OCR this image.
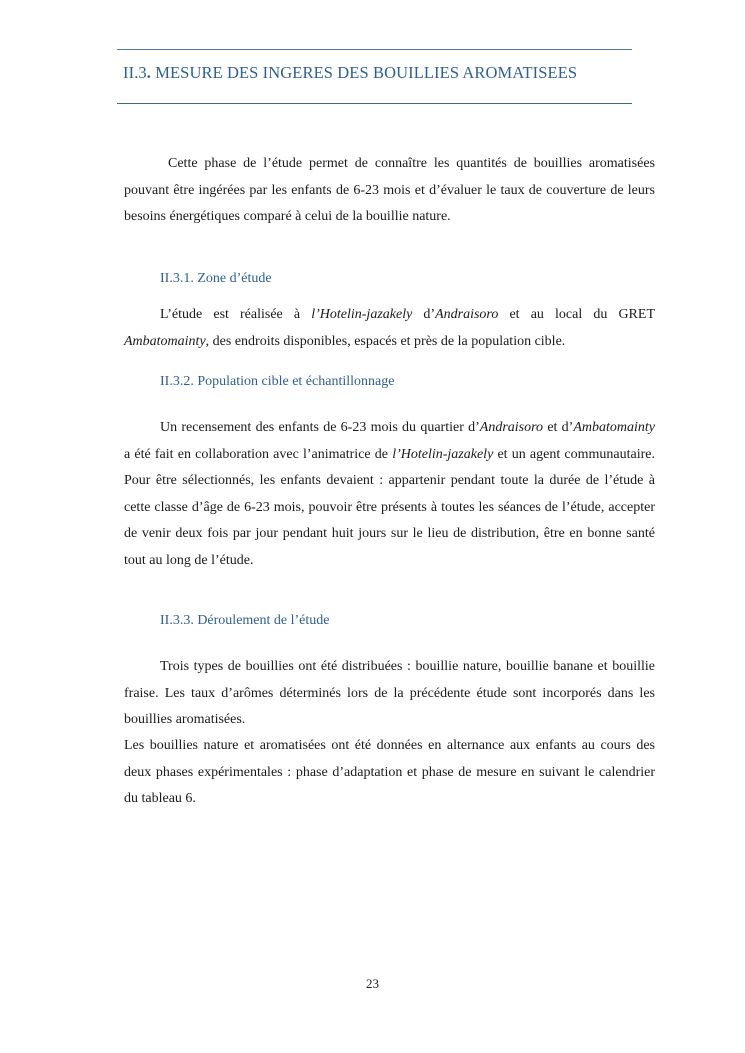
II.3. MESURE DES INGERES DES BOUILLIES AROMATISEES

Cette phase de l’étude permet de connaître les quantités de bouillies aromatisées pouvant être ingérées par les enfants de 6-23 mois et d’évaluer le taux de couverture de leurs besoins énergétiques comparé à celui de la bouillie nature.

II.3.1. Zone d’étude

L’étude est réalisée à l’Hotelin-jazakely d’Andraisoro et au local du GRET Ambatomainty, des endroits disponibles, espacés et près de la population cible.

II.3.2. Population cible et échantillonnage

Un recensement des enfants de 6-23 mois du quartier d’Andraisoro et d’Ambatomainty a été fait en collaboration avec l’animatrice de l’Hotelin-jazakely et un agent communautaire. Pour être sélectionnés, les enfants devaient : appartenir pendant toute la durée de l’étude à cette classe d’âge de 6-23 mois, pouvoir être présents à toutes les séances de l’étude, accepter de venir deux fois par jour pendant huit jours sur le lieu de distribution, être en bonne santé tout au long de l’étude.

II.3.3. Déroulement de l’étude

Trois types de bouillies ont été distribuées : bouillie nature, bouillie banane et bouillie fraise. Les taux d’arômes déterminés lors de la précédente étude sont incorporés dans les bouillies aromatisées.

Les bouillies nature et aromatisées ont été données en alternance aux enfants au cours des deux phases expérimentales : phase d’adaptation et phase de mesure en suivant le calendrier du tableau 6.

23
